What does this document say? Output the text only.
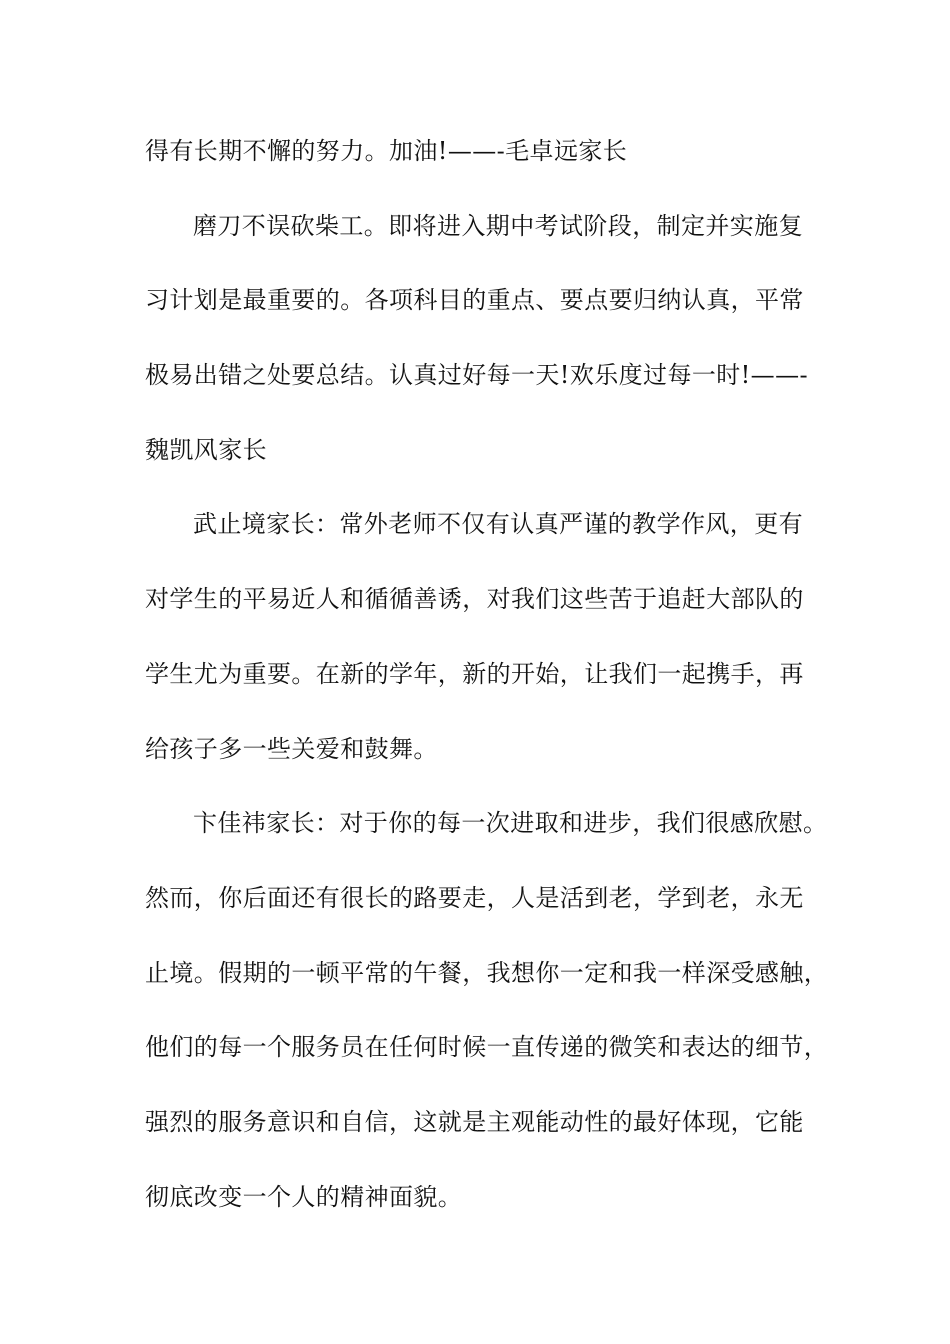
得有长期不懈的努力。加油!——-毛卓远家长
磨刀不误砍柴工。即将进入期中考试阶段，制定并实施复
习计划是最重要的。各项科目的重点、要点要归纳认真，平常
极易出错之处要总结。认真过好每一天!欢乐度过每一时!——-
魏凯风家长
武止境家长：常外老师不仅有认真严谨的教学作风，更有
对学生的平易近人和循循善诱，对我们这些苦于追赶大部队的
学生尤为重要。在新的学年，新的开始，让我们一起携手，再
给孩子多一些关爱和鼓舞。
卞佳祎家长：对于你的每一次进取和进步，我们很感欣慰。
然而，你后面还有很长的路要走，人是活到老，学到老，永无
止境。假期的一顿平常的午餐，我想你一定和我一样深受感触，
他们的每一个服务员在任何时候一直传递的微笑和表达的细节，
强烈的服务意识和自信，这就是主观能动性的最好体现，它能
彻底改变一个人的精神面貌。
